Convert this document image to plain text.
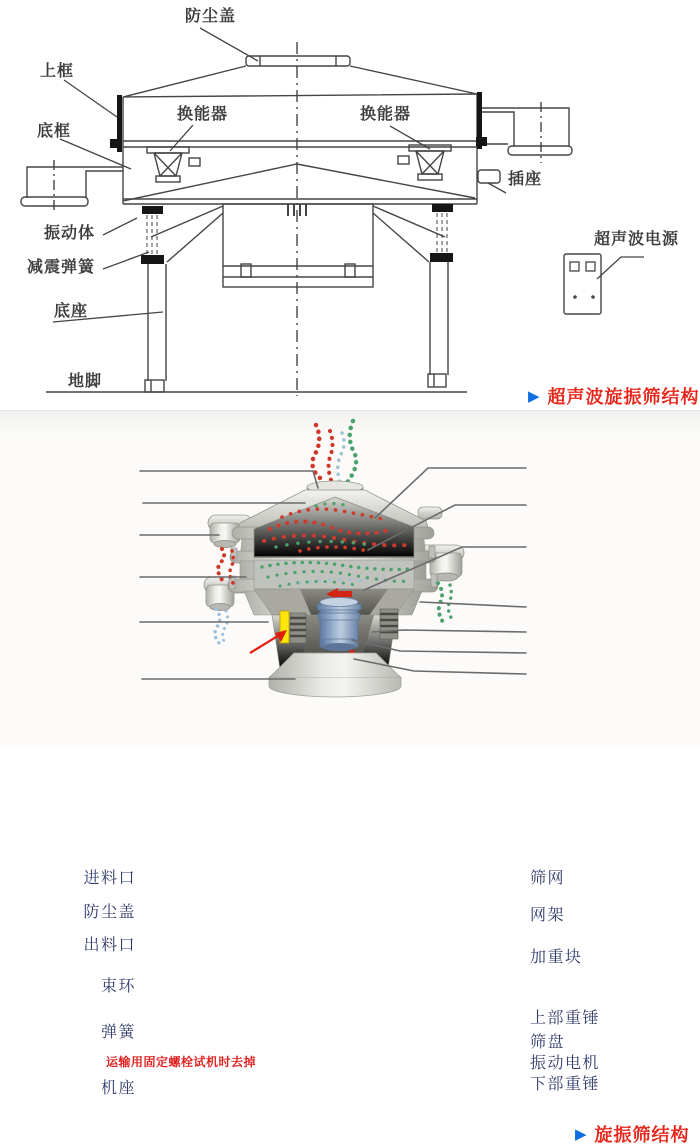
防尘盖
上框
底框
换能器	换能器
插座
振动体
减震弹簧
底座
地脚
超声波电源
▶ 超声波旋振筛结构
进料口
防尘盖
出料口
束环
弹簧
机座
筛网
网架
加重块
上部重锤
筛盘
振动电机
下部重锤
运输用固定螺栓试机时去掉
▶ 旋振筛结构
